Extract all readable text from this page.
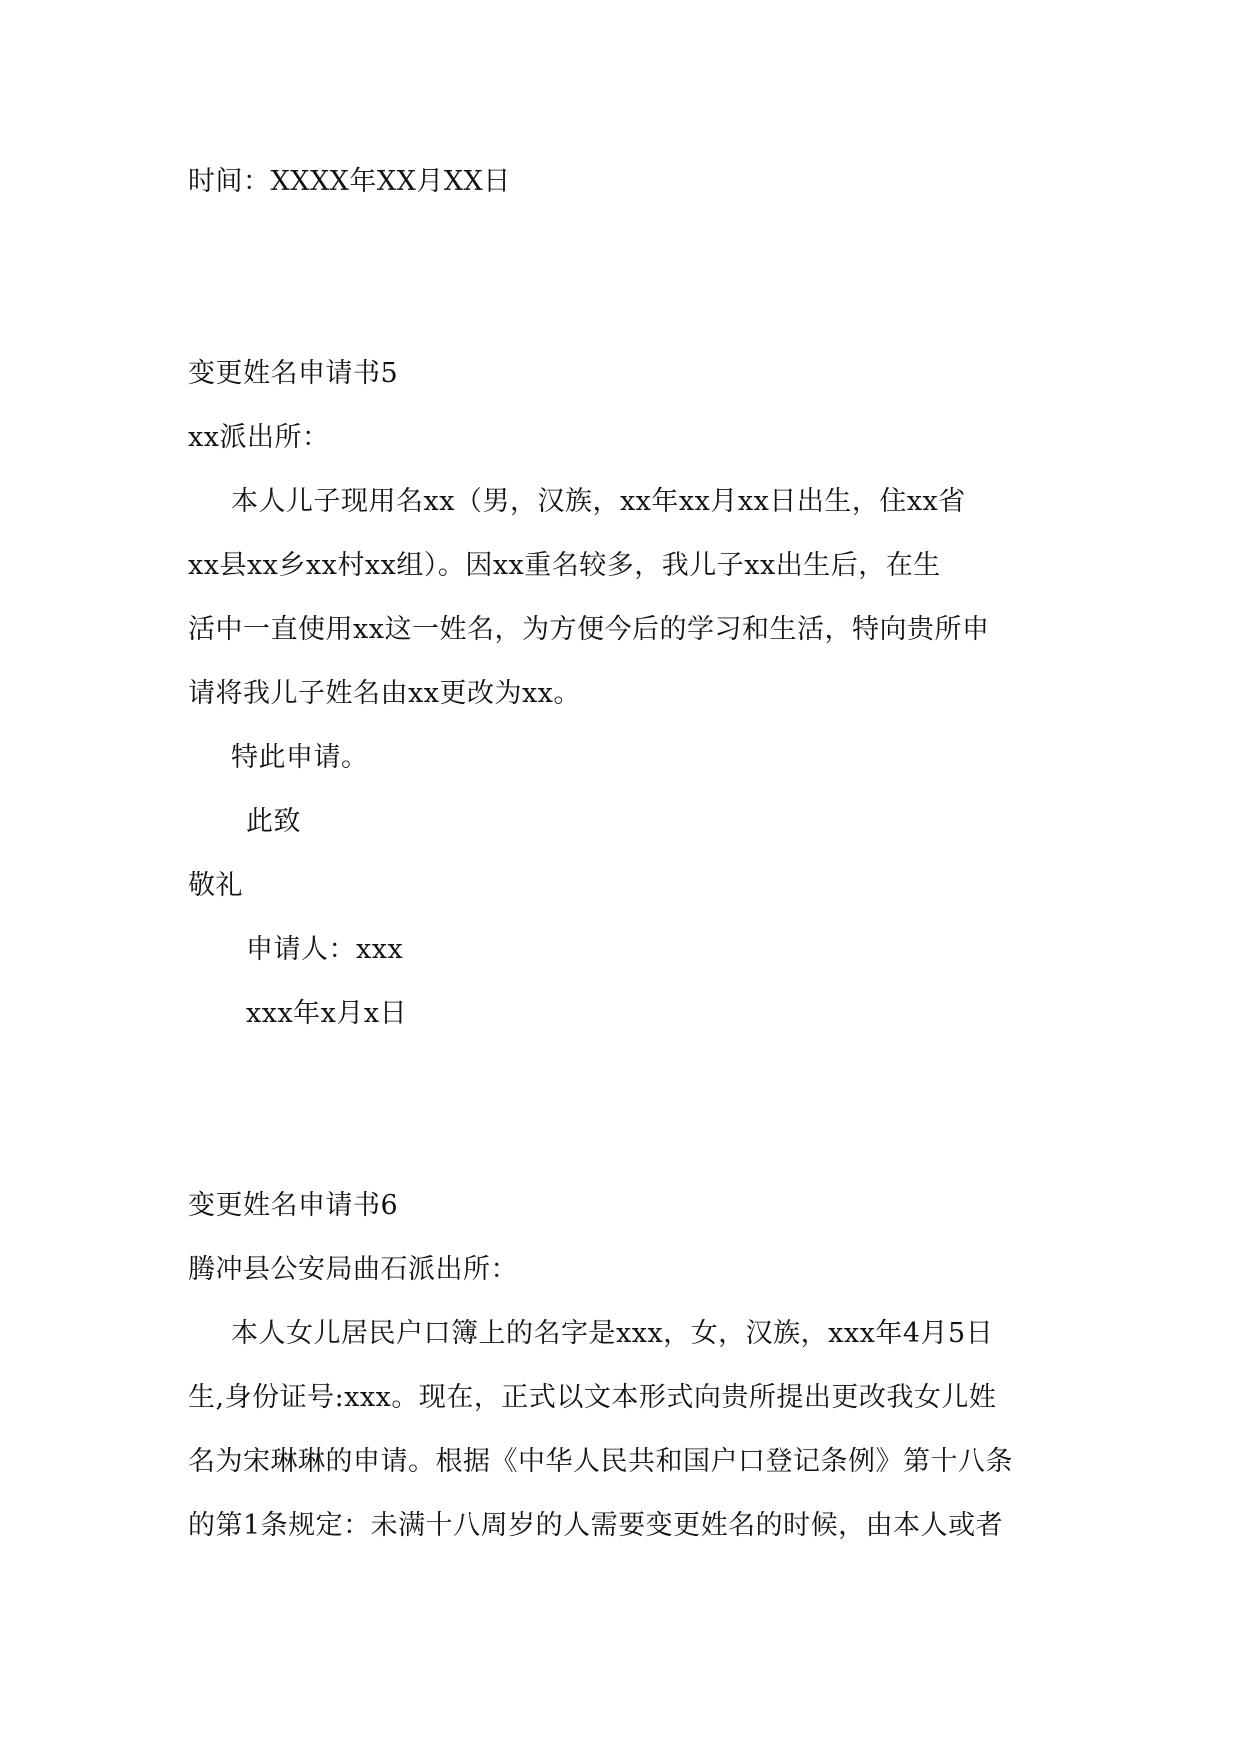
时间：XXXX年XX月XX日
变更姓名申请书5
xx派出所：
本人儿子现用名xx（男，汉族，xx年xx月xx日出生，住xx省
xx县xx乡xx村xx组）。因xx重名较多，我儿子xx出生后，在生
活中一直使用xx这一姓名，为方便今后的学习和生活，特向贵所申
请将我儿子姓名由xx更改为xx。
特此申请。
此致
敬礼
申请人：xxx
xxx年x月x日
变更姓名申请书6
腾冲县公安局曲石派出所：
本人女儿居民户口簿上的名字是xxx，女，汉族，xxx年4月5日
生,身份证号:xxx。现在，正式以文本形式向贵所提出更改我女儿姓
名为宋琳琳的申请。根据《中华人民共和国户口登记条例》第十八条
的第1条规定：未满十八周岁的人需要变更姓名的时候，由本人或者
